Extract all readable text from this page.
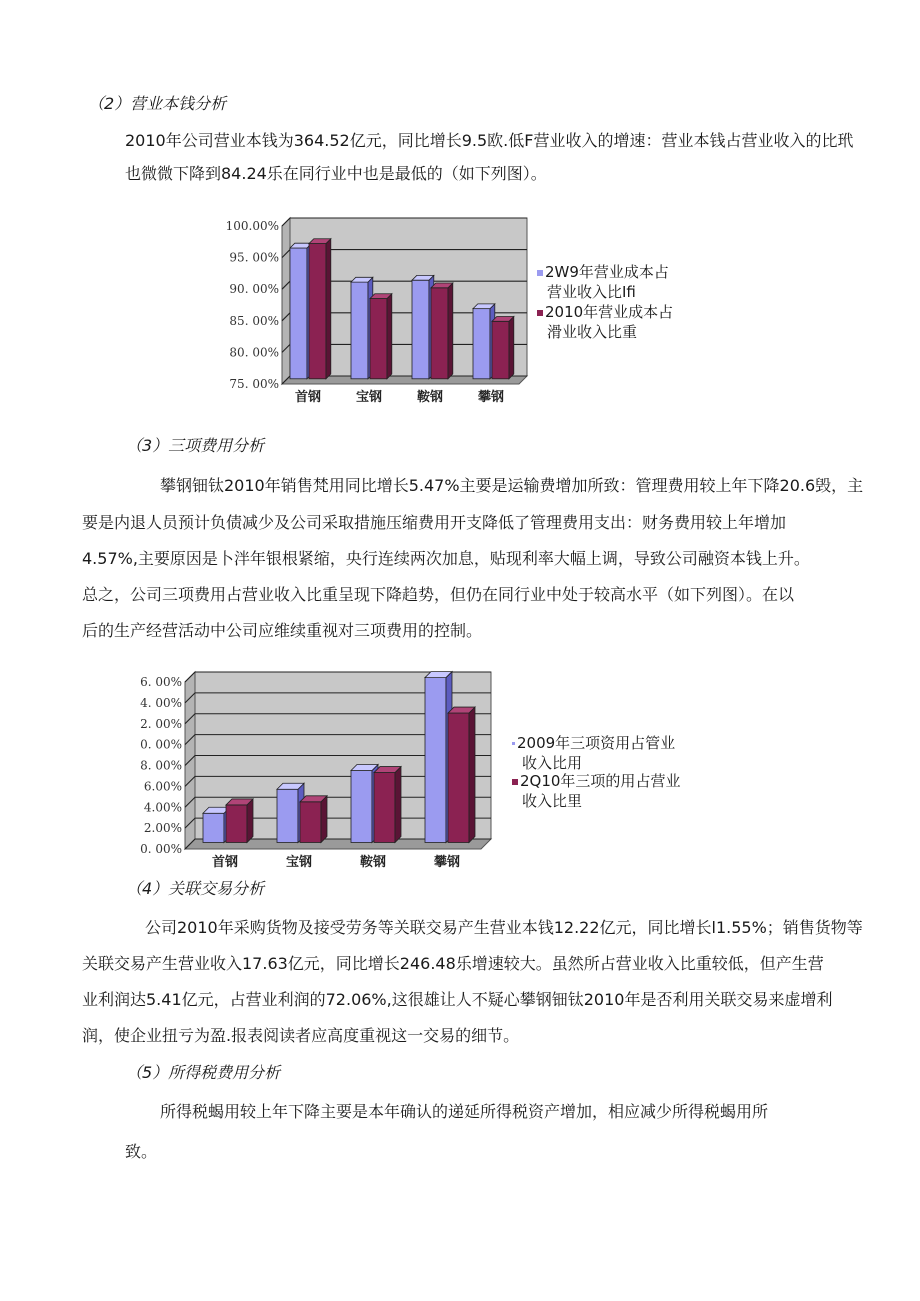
（2）营业本钱分析
2010年公司营业本钱为364.52亿元，同比增长9.5欧.低F营业收入的增速：营业本钱占营业收入的比玳
也微微下降到84.24乐在同行业中也是最低的（如下列图）。
75. 00%
80. 00%
85. 00%
90. 00%
95. 00%
100.00%
首钢	宝钢	鞍钢	攀钢
2W9年营业成本占
营业收入比Ifi
2010年营业成本占
滑业收入比重
（3）三项费用分析
攀钢钿钛2010年销售梵用同比增长5.47%主要是运输费增加所致：管理费用较上年下降20.6毁，主
要是内退人员预计负债减少及公司采取措施压缩费用开支降低了管理费用支出：财务费用较上年增加
4.57%,主要原因是卜泮年银根紧缩，央行连续两次加息，贴现利率大幅上调，导致公司融资本钱上升。
总之，公司三项费用占营业收入比重呈现下降趋势，但仍在同行业中处于较高水平（如下列图）。在以
后的生产经营活动中公司应维续重视对三项费用的控制。
0. 00%
2.00%
4.00%
6.00%
8. 00%
0. 00%
2. 00%
4. 00%
6. 00%
首钢	宝钢	鞍钢	攀钢
2009年三项资用占管业
收入比用
2Q10年三项的用占营业
收入比里
（4）关联交易分析
公司2010年采购货物及接受劳务等关联交易产生营业本钱12.22亿元，同比增长l1.55%；销售货物等
关联交易产生营业收入17.63亿元，同比增长246.48乐增速较大。虽然所占营业收入比重较低，但产生营
业利润达5.41亿元，占营业利润的72.06%,这很雄让人不疑心攀钢钿钛2010年是否利用关联交易来虚增利
润，使企业扭亏为盈.报表阅读者应高度重视这一交易的细节。
（5）所得税费用分析
所得税蝎用较上年下降主要是本年确认的递延所得税资产增加，相应减少所得税蝎用所
致。
